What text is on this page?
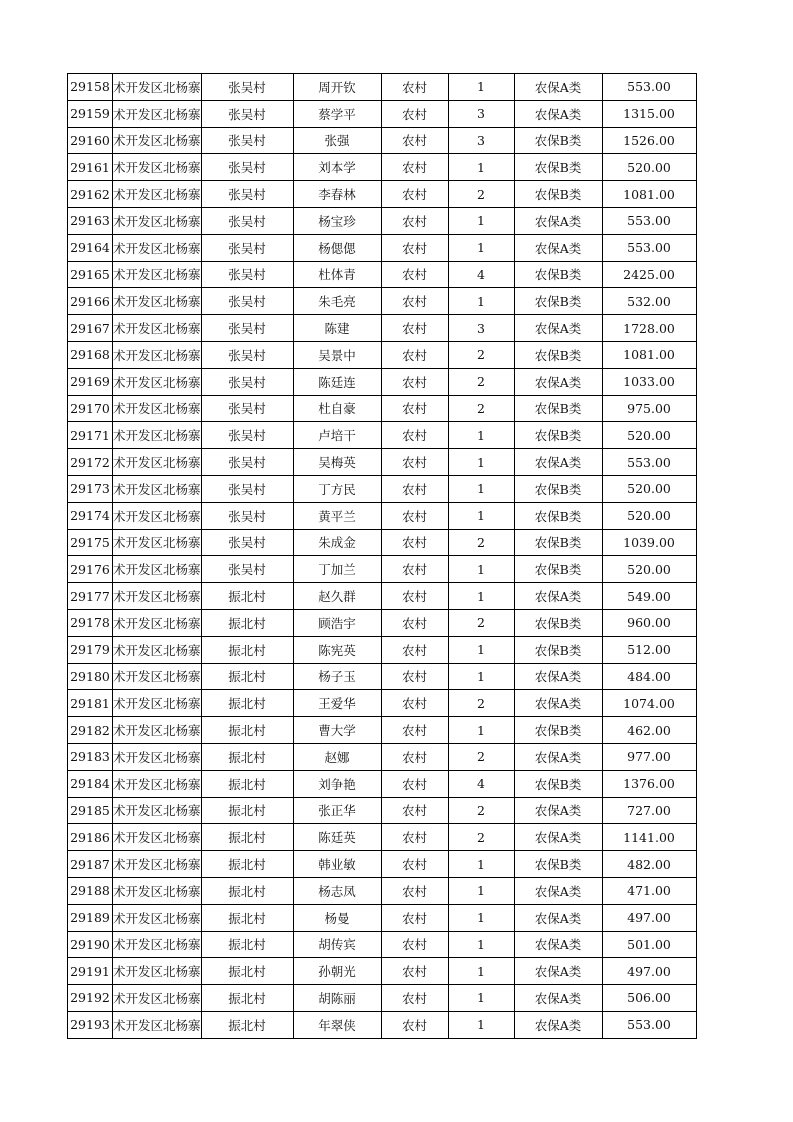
29158	术开发区北杨寨	张吴村	周开钦	农村	1	农保A类	553.00
29159	术开发区北杨寨	张吴村	蔡学平	农村	3	农保A类	1315.00
29160	术开发区北杨寨	张吴村	张强	农村	3	农保B类	1526.00
29161	术开发区北杨寨	张吴村	刘本学	农村	1	农保B类	520.00
29162	术开发区北杨寨	张吴村	李春林	农村	2	农保B类	1081.00
29163	术开发区北杨寨	张吴村	杨宝珍	农村	1	农保A类	553.00
29164	术开发区北杨寨	张吴村	杨偲偲	农村	1	农保A类	553.00
29165	术开发区北杨寨	张吴村	杜体青	农村	4	农保B类	2425.00
29166	术开发区北杨寨	张吴村	朱毛亮	农村	1	农保B类	532.00
29167	术开发区北杨寨	张吴村	陈建	农村	3	农保A类	1728.00
29168	术开发区北杨寨	张吴村	吴景中	农村	2	农保B类	1081.00
29169	术开发区北杨寨	张吴村	陈廷连	农村	2	农保A类	1033.00
29170	术开发区北杨寨	张吴村	杜自豪	农村	2	农保B类	975.00
29171	术开发区北杨寨	张吴村	卢培干	农村	1	农保B类	520.00
29172	术开发区北杨寨	张吴村	吴梅英	农村	1	农保A类	553.00
29173	术开发区北杨寨	张吴村	丁方民	农村	1	农保B类	520.00
29174	术开发区北杨寨	张吴村	黄平兰	农村	1	农保B类	520.00
29175	术开发区北杨寨	张吴村	朱成金	农村	2	农保B类	1039.00
29176	术开发区北杨寨	张吴村	丁加兰	农村	1	农保B类	520.00
29177	术开发区北杨寨	振北村	赵久群	农村	1	农保A类	549.00
29178	术开发区北杨寨	振北村	顾浩宇	农村	2	农保B类	960.00
29179	术开发区北杨寨	振北村	陈宪英	农村	1	农保B类	512.00
29180	术开发区北杨寨	振北村	杨子玉	农村	1	农保A类	484.00
29181	术开发区北杨寨	振北村	王爱华	农村	2	农保A类	1074.00
29182	术开发区北杨寨	振北村	曹大学	农村	1	农保B类	462.00
29183	术开发区北杨寨	振北村	赵娜	农村	2	农保A类	977.00
29184	术开发区北杨寨	振北村	刘争艳	农村	4	农保B类	1376.00
29185	术开发区北杨寨	振北村	张正华	农村	2	农保A类	727.00
29186	术开发区北杨寨	振北村	陈廷英	农村	2	农保A类	1141.00
29187	术开发区北杨寨	振北村	韩业敏	农村	1	农保B类	482.00
29188	术开发区北杨寨	振北村	杨志凤	农村	1	农保A类	471.00
29189	术开发区北杨寨	振北村	杨曼	农村	1	农保A类	497.00
29190	术开发区北杨寨	振北村	胡传宾	农村	1	农保A类	501.00
29191	术开发区北杨寨	振北村	孙朝光	农村	1	农保A类	497.00
29192	术开发区北杨寨	振北村	胡陈丽	农村	1	农保A类	506.00
29193	术开发区北杨寨	振北村	年翠侠	农村	1	农保A类	553.00
